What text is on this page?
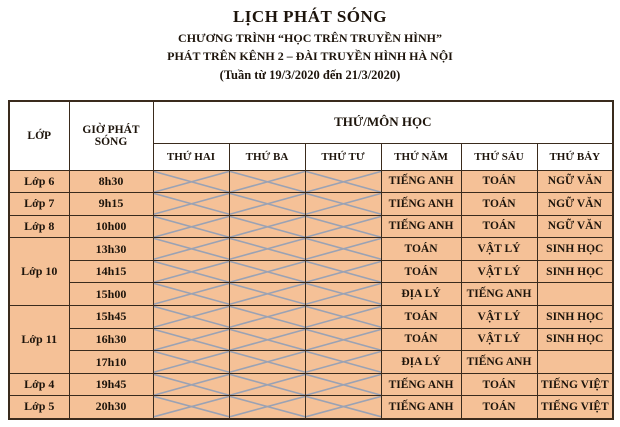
LỊCH PHÁT SÓNG
CHƯƠNG TRÌNH “HỌC TRÊN TRUYỀN HÌNH”
PHÁT TRÊN KÊNH 2 – ĐÀI TRUYỀN HÌNH HÀ NỘI
(Tuần từ 19/3/2020 đến 21/3/2020)
LỚP	GIỜ PHÁT SÓNG	THỨ/MÔN HỌC					
		THỨ HAI	THỨ BA	THỨ TƯ	THỨ NĂM	THỨ SÁU	THỨ BẢY
Lớp 6	8h30				TIẾNG ANH	TOÁN	NGỮ VĂN
Lớp 7	9h15				TIẾNG ANH	TOÁN	NGỮ VĂN
Lớp 8	10h00				TIẾNG ANH	TOÁN	NGỮ VĂN
Lớp 10	13h30				TOÁN	VẬT LÝ	SINH HỌC
	14h15				TOÁN	VẬT LÝ	SINH HỌC
	15h00				ĐỊA LÝ	TIẾNG ANH	
Lớp 11	15h45				TOÁN	VẬT LÝ	SINH HỌC
	16h30				TOÁN	VẬT LÝ	SINH HỌC
	17h10				ĐỊA LÝ	TIẾNG ANH	
Lớp 4	19h45				TIẾNG ANH	TOÁN	TIẾNG VIỆT
Lớp 5	20h30				TIẾNG ANH	TOÁN	TIẾNG VIỆT
